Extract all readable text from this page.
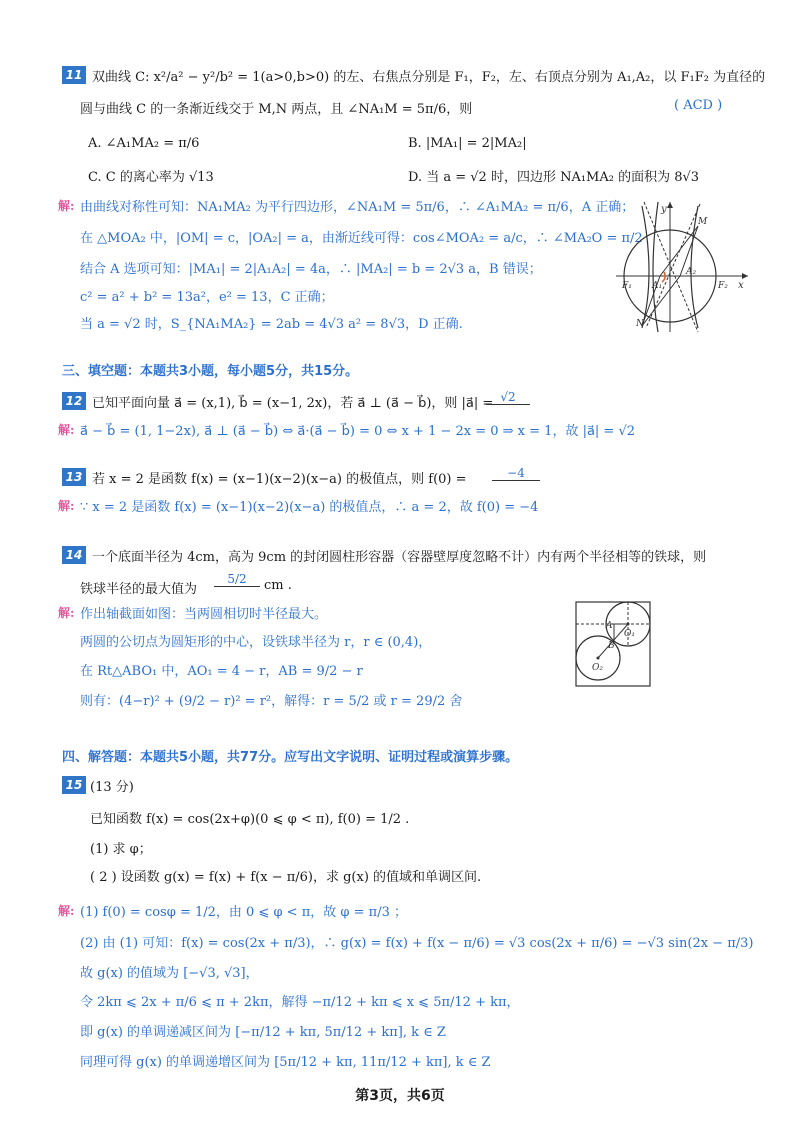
11 双曲线 C: x²/a² − y²/b² = 1(a>0,b>0) 的左、右焦点分别是 F₁，F₂，左、右顶点分别为 A₁,A₂，以 F₁F₂ 为直径的
圆与曲线 C 的一条渐近线交于 M,N 两点，且 ∠NA₁M = 5π/6，则	( ACD )
A. ∠A₁MA₂ = π/6	B. |MA₁| = 2|MA₂|
C. C 的离心率为 √13	D. 当 a = √2 时，四边形 NA₁MA₂ 的面积为 8√3
解: 由曲线对称性可知：NA₁MA₂ 为平行四边形，∠NA₁M = 5π/6，∴ ∠A₁MA₂ = π/6，A 正确；
在 △MOA₂ 中，|OM| = c，|OA₂| = a，由渐近线可得：cos∠MOA₂ = a/c，∴ ∠MA₂O = π/2
结合 A 选项可知：|MA₁| = 2|A₁A₂| = 4a，∴ |MA₂| = b = 2√3 a，B 错误；
c² = a² + b² = 13a²，e² = 13，C 正确；
当 a = √2 时，S_{NA₁MA₂} = 2ab = 4√3 a² = 8√3，D 正确.
y
x
M
N
F₁	F₂
A₁
A₂
三、填空题：本题共3小题，每小题5分，共15分。
12 已知平面向量 a⃗ = (x,1), b⃗ = (x−1, 2x)，若 a⃗ ⊥ (a⃗ − b⃗)，则 |a⃗| = √2
解: a⃗ − b⃗ = (1, 1−2x), a⃗ ⊥ (a⃗ − b⃗) ⇔ a⃗·(a⃗ − b⃗) = 0 ⇔ x + 1 − 2x = 0 ⇒ x = 1，故 |a⃗| = √2
13 若 x = 2 是函数 f(x) = (x−1)(x−2)(x−a) 的极值点，则 f(0) =	−4
解: ∵ x = 2 是函数 f(x) = (x−1)(x−2)(x−a) 的极值点，∴ a = 2，故 f(0) = −4
14 一个底面半径为 4cm，高为 9cm 的封闭圆柱形容器（容器壁厚度忽略不计）内有两个半径相等的铁球，则
铁球半径的最大值为
5/2	cm .
解: 作出轴截面如图：当两圆相切时半径最大。
两圆的公切点为圆矩形的中心，设铁球半径为 r，r ∈ (0,4)，
在 Rt△ABO₁ 中，AO₁ = 4 − r，AB = 9/2 − r
则有：(4−r)² + (9/2 − r)² = r²，解得：r = 5/2 或 r = 29/2 舍
A
B
O₁
O₂
四、解答题：本题共5小题，共77分。应写出文字说明、证明过程或演算步骤。
15 (13 分)
已知函数 f(x) = cos(2x+φ)(0 ⩽ φ < π), f(0) = 1/2 .
(1) 求 φ；
( 2 ) 设函数 g(x) = f(x) + f(x − π/6)，求 g(x) 的值域和单调区间.
解: (1) f(0) = cosφ = 1/2，由 0 ⩽ φ < π，故 φ = π/3 ；
(2) 由 (1) 可知：f(x) = cos(2x + π/3)，∴ g(x) = f(x) + f(x − π/6) = √3 cos(2x + π/6) = −√3 sin(2x − π/3)
故 g(x) 的值域为 [−√3, √3]，
令 2kπ ⩽ 2x + π/6 ⩽ π + 2kπ，解得 −π/12 + kπ ⩽ x ⩽ 5π/12 + kπ，
即 g(x) 的单调递减区间为 [−π/12 + kπ, 5π/12 + kπ], k ∈ Z
同理可得 g(x) 的单调递增区间为 [5π/12 + kπ, 11π/12 + kπ], k ∈ Z
第3页，共6页
